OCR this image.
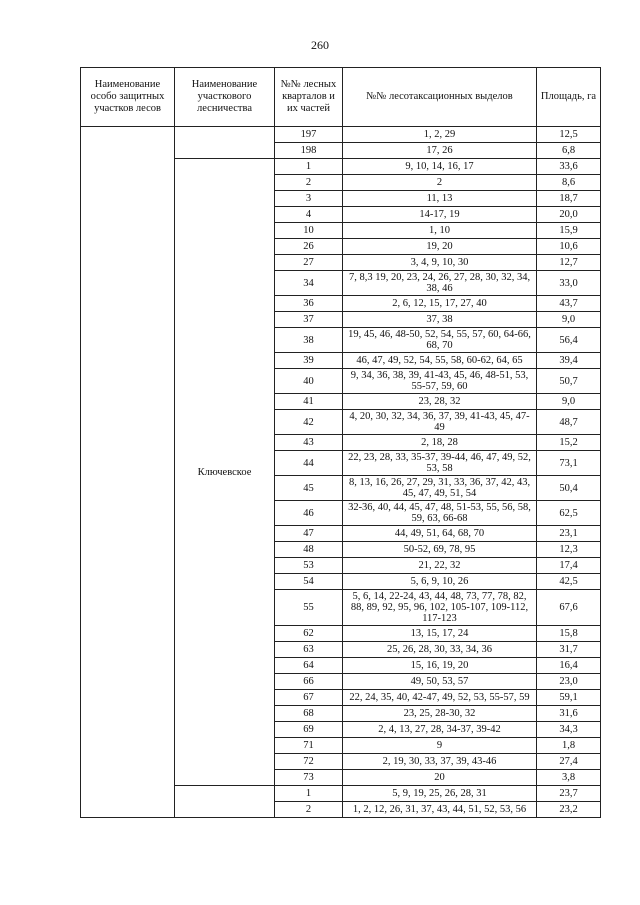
260
Наименование особо защитных участков лесов	Наименование участкового лесничества	№№ лесных кварталов и их частей	№№ лесотаксационных выделов	Площадь, га
		197	1, 2, 29	12,5
		198	17, 26	6,8
	Ключевское	1	9, 10, 14, 16, 17	33,6
		2	2	8,6
		3	11, 13	18,7
		4	14-17, 19	20,0
		10	1, 10	15,9
		26	19, 20	10,6
		27	3, 4, 9, 10, 30	12,7
		34	7, 8,3 19, 20, 23, 24, 26, 27, 28, 30, 32, 34, 38, 46	33,0
		36	2, 6, 12, 15, 17, 27, 40	43,7
		37	37, 38	9,0
		38	19, 45, 46, 48-50, 52, 54, 55, 57, 60, 64-66, 68, 70	56,4
		39	46, 47, 49, 52, 54, 55, 58, 60-62, 64, 65	39,4
		40	9, 34, 36, 38, 39, 41-43, 45, 46, 48-51, 53, 55-57, 59, 60	50,7
		41	23, 28, 32	9,0
		42	4, 20, 30, 32, 34, 36, 37, 39, 41-43, 45, 47-49	48,7
		43	2, 18, 28	15,2
		44	22, 23, 28, 33, 35-37, 39-44, 46, 47, 49, 52, 53, 58	73,1
		45	8, 13, 16, 26, 27, 29, 31, 33, 36, 37, 42, 43, 45, 47, 49, 51, 54	50,4
		46	32-36, 40, 44, 45, 47, 48, 51-53, 55, 56, 58, 59, 63, 66-68	62,5
		47	44, 49, 51, 64, 68, 70	23,1
		48	50-52, 69, 78, 95	12,3
		53	21, 22, 32	17,4
		54	5, 6, 9, 10, 26	42,5
		55	5, 6, 14, 22-24, 43, 44, 48, 73, 77, 78, 82, 88, 89, 92, 95, 96, 102, 105-107, 109-112, 117-123	67,6
		62	13, 15, 17, 24	15,8
		63	25, 26, 28, 30, 33, 34, 36	31,7
		64	15, 16, 19, 20	16,4
		66	49, 50, 53, 57	23,0
		67	22, 24, 35, 40, 42-47, 49, 52, 53, 55-57, 59	59,1
		68	23, 25, 28-30, 32	31,6
		69	2, 4, 13, 27, 28, 34-37, 39-42	34,3
		71	9	1,8
		72	2, 19, 30, 33, 37, 39, 43-46	27,4
		73	20	3,8
		1	5, 9, 19, 25, 26, 28, 31	23,7
		2	1, 2, 12, 26, 31, 37, 43, 44, 51, 52, 53, 56	23,2
